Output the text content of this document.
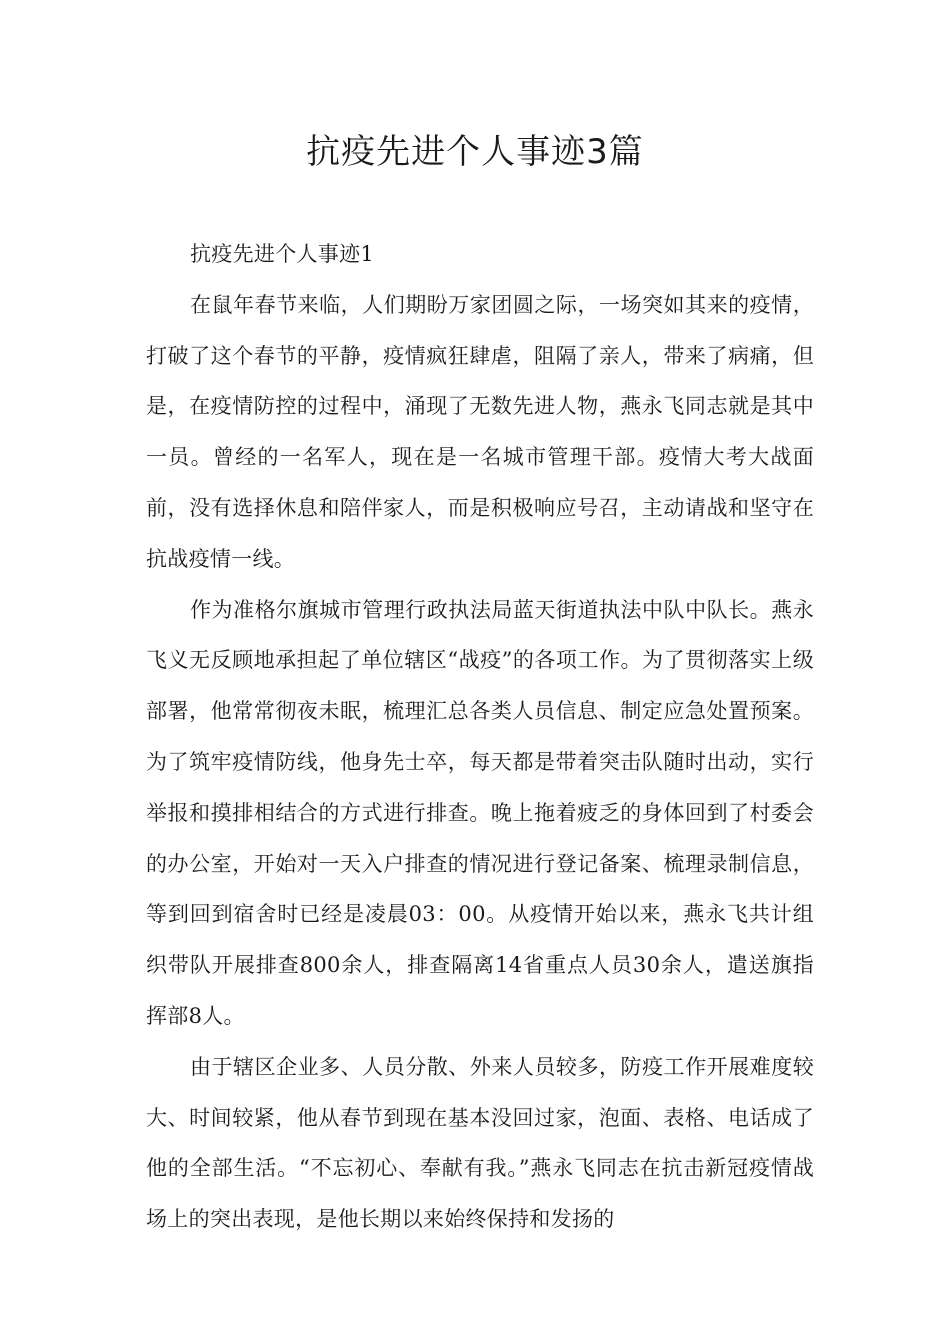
抗疫先进个人事迹3篇

抗疫先进个人事迹1

在鼠年春节来临，人们期盼万家团圆之际，一场突如其来的疫情，打破了这个春节的平静，疫情疯狂肆虐，阻隔了亲人，带来了病痛，但是，在疫情防控的过程中，涌现了无数先进人物，燕永飞同志就是其中一员。曾经的一名军人，现在是一名城市管理干部。疫情大考大战面前，没有选择休息和陪伴家人，而是积极响应号召，主动请战和坚守在抗战疫情一线。

作为准格尔旗城市管理行政执法局蓝天街道执法中队中队长。燕永飞义无反顾地承担起了单位辖区“战疫”的各项工作。为了贯彻落实上级部署，他常常彻夜未眠，梳理汇总各类人员信息、制定应急处置预案。为了筑牢疫情防线，他身先士卒，每天都是带着突击队随时出动，实行举报和摸排相结合的方式进行排查。晚上拖着疲乏的身体回到了村委会的办公室，开始对一天入户排查的情况进行登记备案、梳理录制信息，等到回到宿舍时已经是凌晨03：00。从疫情开始以来，燕永飞共计组织带队开展排查800余人，排查隔离14省重点人员30余人，遣送旗指挥部8人。

由于辖区企业多、人员分散、外来人员较多，防疫工作开展难度较大、时间较紧，他从春节到现在基本没回过家，泡面、表格、电话成了他的全部生活。“不忘初心、奉献有我。”燕永飞同志在抗击新冠疫情战场上的突出表现，是他长期以来始终保持和发扬的
